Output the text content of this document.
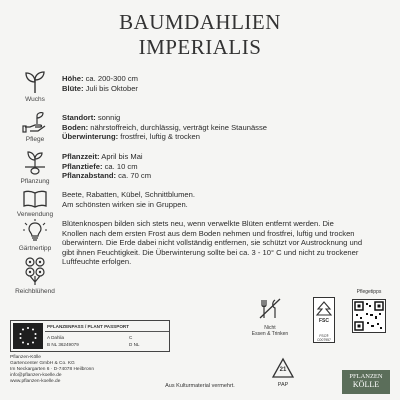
BAUMDAHLIEN
IMPERIALIS
Wuchs
Höhe: ca. 200-300 cm
Blüte: Juli bis Oktober
Pflege
Standort: sonnig
Boden: nährstoffreich, durchlässig, verträgt keine Staunässe
Überwinterung: frostfrei, luftig & trocken
Pflanzung
Pflanzzeit: April bis Mai
Pflanztiefe: ca. 10 cm
Pflanzabstand: ca. 70 cm
Verwendung
Beete, Rabatten, Kübel, Schnittblumen.
Am schönsten wirken sie in Gruppen.
Gärtnertipp
Blütenknospen bilden sich stets neu, wenn verwelkte Blüten entfernt werden. Die
Knollen nach dem ersten Frost aus dem Boden nehmen und frostfrei, luftig und trocken
überwintern. Die Erde dabei nicht vollständig entfernen, sie schützt vor Austrocknung und
gibt ihnen Feuchtigkeit. Die Überwinterung sollte bei ca. 3 - 10° C und nicht zu trockener
Luftfeuchte erfolgen.
Reichblühend
PFLANZENPASS / PLANT PASSPORT
A Dahlia
B NL 36249079
C
D NL
Pflanzen-Kölle
Gartencenter GmbH & Co. KG
Im Neckargarten 6 · D-74078 Heilbronn
info@pflanzen-koelle.de
www.pflanzen-koelle.de
Nicht
Essen & Trinken
21
PAP
FSC
FSC® C007957
Pflegetipps
PFLANZEN
KÖLLE
Aus Kulturmaterial vermehrt.
